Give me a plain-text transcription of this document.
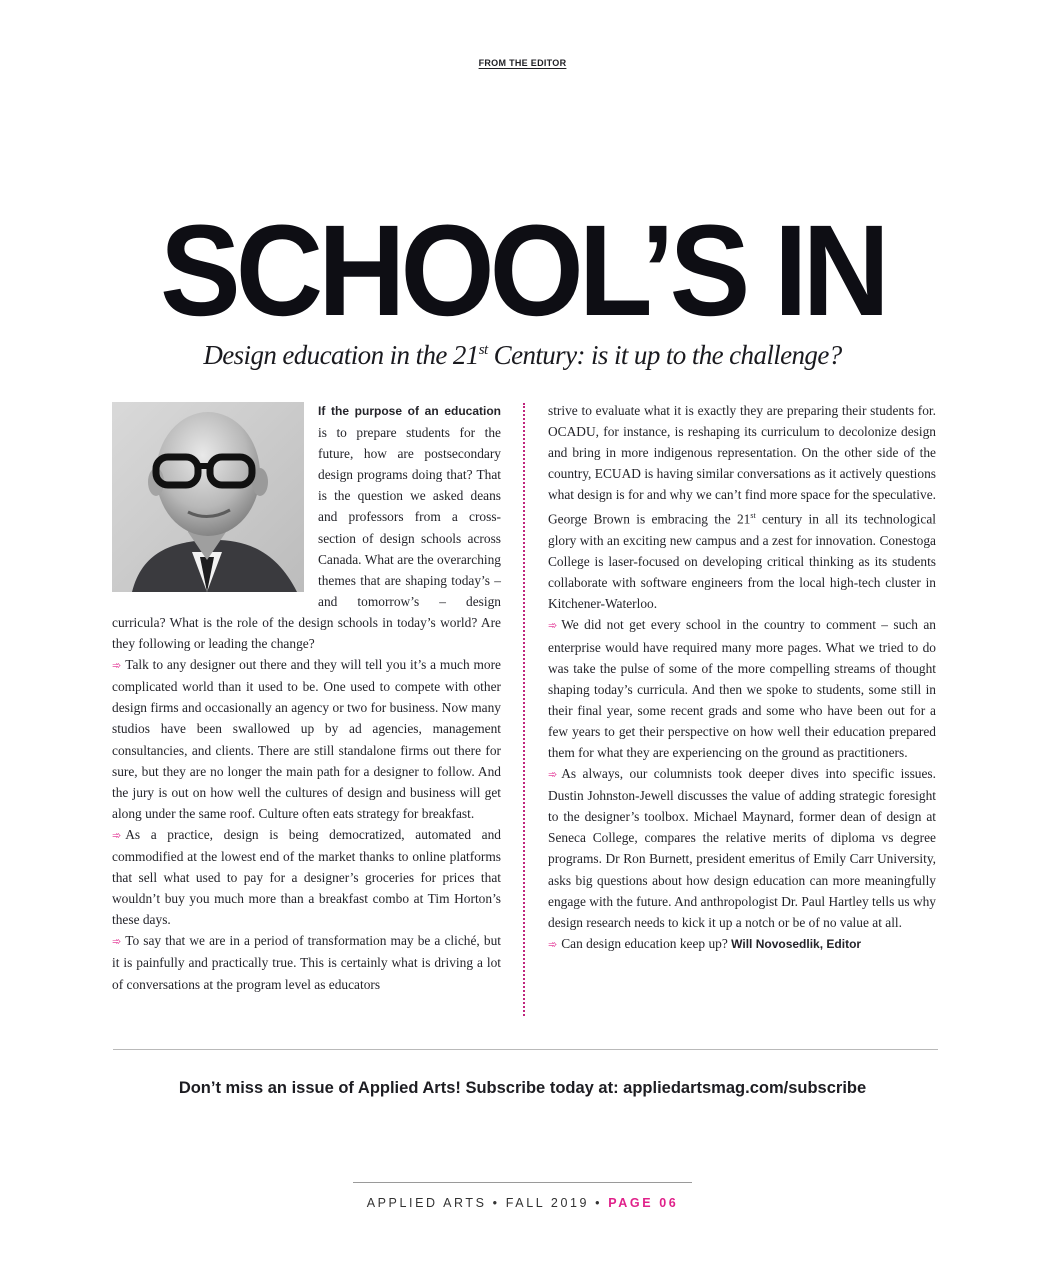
FROM THE EDITOR
SCHOOL’S IN
Design education in the 21st Century: is it up to the challenge?

If the purpose of an education is to prepare students for the future, how are postsecondary design programs doing that? That is the question we asked deans and professors from a cross-section of design schools across Canada. What are the overarching themes that are shaping today’s – and tomorrow’s – design curricula? What is the role of the design schools in today’s world? Are they following or leading the change?

➾ Talk to any designer out there and they will tell you it’s a much more complicated world than it used to be. One used to compete with other design firms and occasionally an agency or two for business. Now many studios have been swallowed up by ad agencies, management consultancies, and clients. There are still standalone firms out there for sure, but they are no longer the main path for a designer to follow. And the jury is out on how well the cultures of design and business will get along under the same roof. Culture often eats strategy for breakfast.

➾ As a practice, design is being democratized, automated and commodified at the lowest end of the market thanks to online platforms that sell what used to pay for a designer’s groceries for prices that wouldn’t buy you much more than a breakfast combo at Tim Horton’s these days.

➾ To say that we are in a period of transformation may be a cliché, but it is painfully and practically true. This is certainly what is driving a lot of conversations at the program level as educators

strive to evaluate what it is exactly they are preparing their students for. OCADU, for instance, is reshaping its curriculum to decolonize design and bring in more indigenous representation. On the other side of the country, ECUAD is having similar conversations as it actively questions what design is for and why we can’t find more space for the speculative. George Brown is embracing the 21st century in all its technological glory with an exciting new campus and a zest for innovation. Conestoga College is laser-focused on developing critical thinking as its students collaborate with software engineers from the local high-tech cluster in Kitchener-Waterloo.

➾ We did not get every school in the country to comment – such an enterprise would have required many more pages. What we tried to do was take the pulse of some of the more compelling streams of thought shaping today’s curricula. And then we spoke to students, some still in their final year, some recent grads and some who have been out for a few years to get their perspective on how well their education prepared them for what they are experiencing on the ground as practitioners.

➾ As always, our columnists took deeper dives into specific issues. Dustin Johnston-Jewell discusses the value of adding strategic foresight to the designer’s toolbox. Michael Maynard, former dean of design at Seneca College, compares the relative merits of diploma vs degree programs. Dr Ron Burnett, president emeritus of Emily Carr University, asks big questions about how design education can more meaningfully engage with the future. And anthropologist Dr. Paul Hartley tells us why design research needs to kick it up a notch or be of no value at all.

➾ Can design education keep up? Will Novosedlik, Editor

Don’t miss an issue of Applied Arts! Subscribe today at: appliedartsmag.com/subscribe
APPLIED ARTS • FALL 2019 • PAGE 06
